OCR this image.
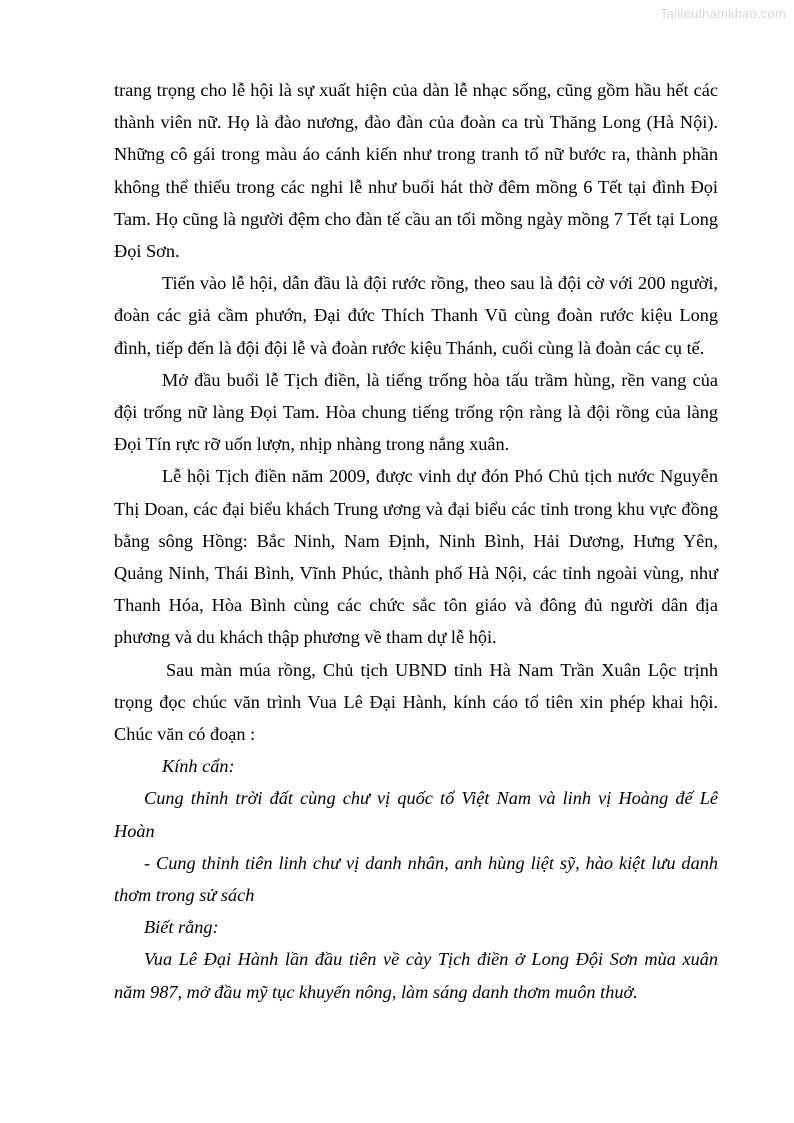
Tailieuthamkhao.com

trang trọng cho lễ hội là sự xuất hiện của dàn lễ nhạc sống, cũng gồm hầu hết các thành viên nữ. Họ là đào nương, đào đàn của đoàn ca trù Thăng Long (Hà Nội). Những cô gái trong màu áo cánh kiến như trong tranh tố nữ bước ra, thành phần không thể thiếu trong các nghi lễ như buổi hát thờ đêm mồng 6 Tết tại đình Đọi Tam. Họ cũng là người đệm cho đàn tế cầu an tối mồng ngày mồng 7 Tết tại Long Đọi Sơn.

Tiến vào lễ hội, dẫn đầu là đội rước rồng, theo sau là đội cờ với 200 người, đoàn các giả cầm phướn, Đại đức Thích Thanh Vũ cùng đoàn rước kiệu Long đình, tiếp đến là đội đội lễ và đoàn rước kiệu Thánh, cuối cùng là đoàn các cụ tế.

Mở đầu buổi lễ Tịch điền, là tiếng trống hòa tấu trầm hùng, rền vang của đội trống nữ làng Đọi Tam. Hòa chung tiếng trống rộn ràng là đội rồng của làng Đọi Tín rực rỡ uốn lượn, nhịp nhàng trong nắng xuân.

Lễ hội Tịch điền năm 2009, được vinh dự đón Phó Chủ tịch nước Nguyễn Thị Doan, các đại biểu khách Trung ương và đại biểu các tỉnh trong khu vực đồng bằng sông Hồng: Bắc Ninh, Nam Định, Ninh Bình, Hải Dương, Hưng Yên, Quảng Ninh, Thái Bình, Vĩnh Phúc, thành phố Hà Nội, các tỉnh ngoài vùng, như Thanh Hóa, Hòa Bình cùng các chức sắc tôn giáo và đông đủ người dân địa phương và du khách thập phương về tham dự lễ hội.

Sau màn múa rồng, Chủ tịch UBND tỉnh Hà Nam Trần Xuân Lộc trịnh trọng đọc chúc văn trình Vua Lê Đại Hành, kính cáo tổ tiên xin phép khai hội. Chúc văn có đoạn :

Kính cẩn:

Cung thỉnh trời đất cùng chư vị quốc tổ Việt Nam và linh vị Hoàng đế Lê Hoàn

- Cung thỉnh tiên linh chư vị danh nhân, anh hùng liệt sỹ, hào kiệt lưu danh thơm trong sử sách

Biết rằng:

Vua Lê Đại Hành lần đầu tiên về cày Tịch điền ở Long Đội Sơn mùa xuân năm 987, mở đầu mỹ tục khuyến nông, làm sáng danh thơm muôn thuở.
